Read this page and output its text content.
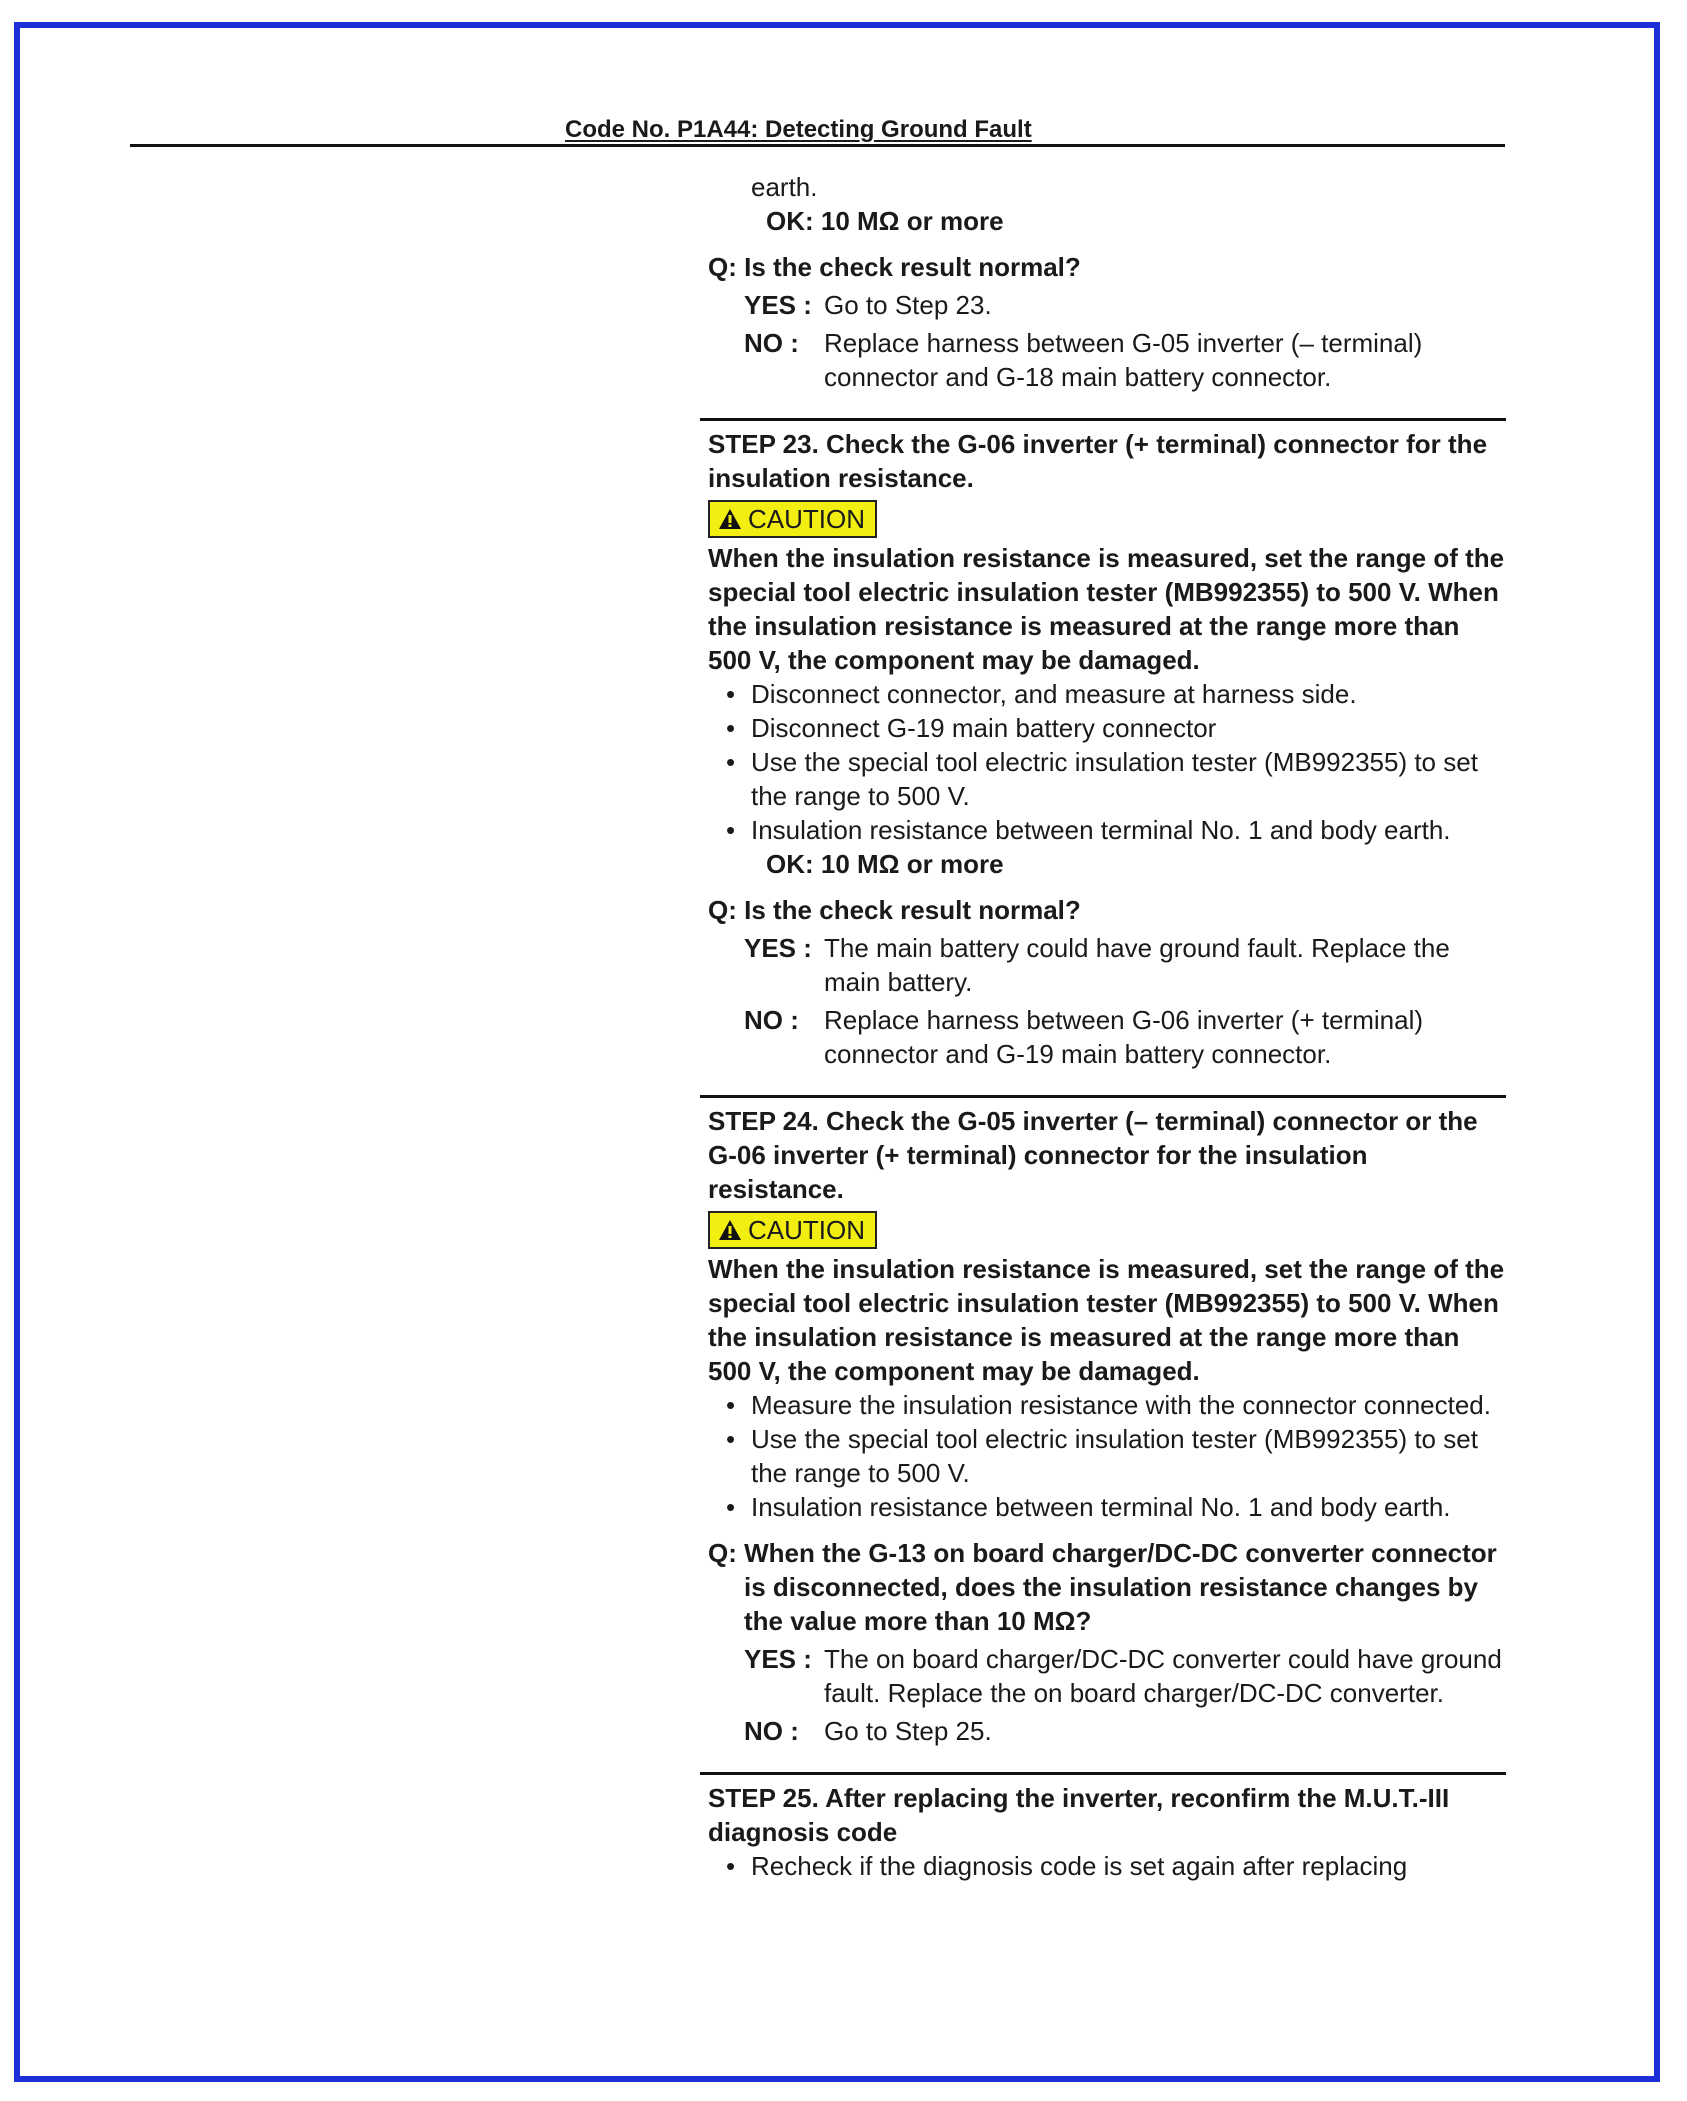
Code No. P1A44: Detecting Ground Fault

earth.

OK: 10 MΩ or more

Q: Is the check result normal?

YES : Go to Step 23.
NO : Replace harness between G-05 inverter (– terminal) connector and G-18 main battery connector.

STEP 23. Check the G-06 inverter (+ terminal) connector for the insulation resistance.

CAUTION

When the insulation resistance is measured, set the range of the special tool electric insulation tester (MB992355) to 500 V. When the insulation resistance is measured at the range more than 500 V, the component may be damaged.

• Disconnect connector, and measure at harness side.
• Disconnect G-19 main battery connector
• Use the special tool electric insulation tester (MB992355) to set the range to 500 V.
• Insulation resistance between terminal No. 1 and body earth.

OK: 10 MΩ or more

Q: Is the check result normal?

YES : The main battery could have ground fault. Replace the main battery.
NO : Replace harness between G-06 inverter (+ terminal) connector and G-19 main battery connector.

STEP 24. Check the G-05 inverter (– terminal) connector or the G-06 inverter (+ terminal) connector for the insulation resistance.

CAUTION

When the insulation resistance is measured, set the range of the special tool electric insulation tester (MB992355) to 500 V. When the insulation resistance is measured at the range more than 500 V, the component may be damaged.

• Measure the insulation resistance with the connector connected.
• Use the special tool electric insulation tester (MB992355) to set the range to 500 V.
• Insulation resistance between terminal No. 1 and body earth.

Q: When the G-13 on board charger/DC-DC converter connector is disconnected, does the insulation resistance changes by the value more than 10 MΩ?

YES : The on board charger/DC-DC converter could have ground fault. Replace the on board charger/DC-DC converter.
NO : Go to Step 25.

STEP 25. After replacing the inverter, reconfirm the M.U.T.-III diagnosis code

• Recheck if the diagnosis code is set again after replacing
